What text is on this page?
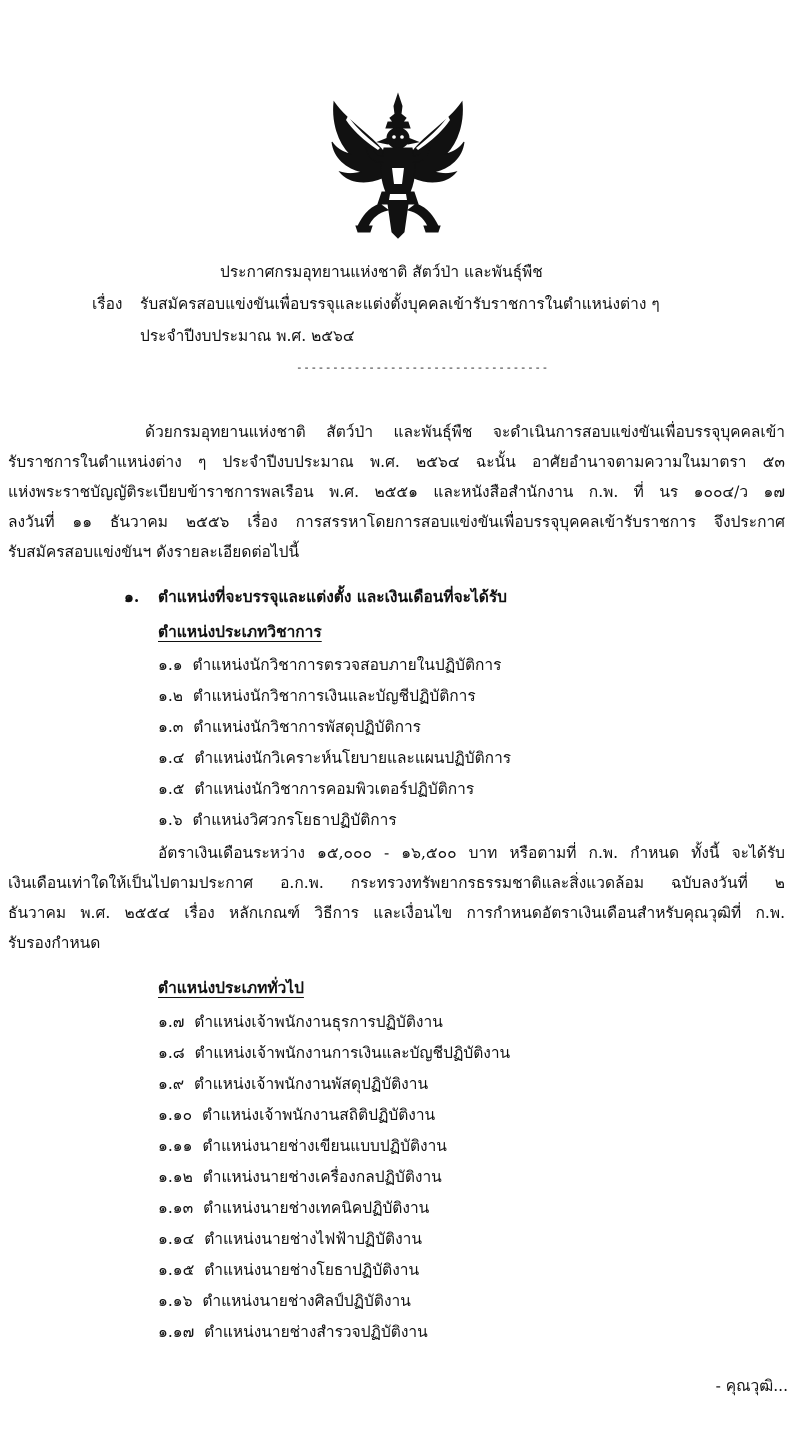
ประกาศกรมอุทยานแห่งชาติ สัตว์ป่า และพันธุ์พืช
เรื่อง รับสมัครสอบแข่งขันเพื่อบรรจุและแต่งตั้งบุคคลเข้ารับราชการในตำแหน่งต่าง ๆ
ประจำปีงบประมาณ พ.ศ. ๒๕๖๔
-----------------------------------
ด้วยกรมอุทยานแห่งชาติ สัตว์ป่า และพันธุ์พืช จะดำเนินการสอบแข่งขันเพื่อบรรจุบุคคลเข้า
รับราชการในตำแหน่งต่าง ๆ ประจำปีงบประมาณ พ.ศ. ๒๕๖๔ ฉะนั้น อาศัยอำนาจตามความในมาตรา ๕๓
แห่งพระราชบัญญัติระเบียบข้าราชการพลเรือน พ.ศ. ๒๕๕๑ และหนังสือสำนักงาน ก.พ. ที่ นร ๑๐๐๔/ว ๑๗
ลงวันที่ ๑๑ ธันวาคม ๒๕๕๖ เรื่อง การสรรหาโดยการสอบแข่งขันเพื่อบรรจุบุคคลเข้ารับราชการ จึงประกาศ
รับสมัครสอบแข่งขันฯ ดังรายละเอียดต่อไปนี้
๑. ตำแหน่งที่จะบรรจุและแต่งตั้ง และเงินเดือนที่จะได้รับ
ตำแหน่งประเภทวิชาการ
๑.๑ ตำแหน่งนักวิชาการตรวจสอบภายในปฏิบัติการ
๑.๒ ตำแหน่งนักวิชาการเงินและบัญชีปฏิบัติการ
๑.๓ ตำแหน่งนักวิชาการพัสดุปฏิบัติการ
๑.๔ ตำแหน่งนักวิเคราะห์นโยบายและแผนปฏิบัติการ
๑.๕ ตำแหน่งนักวิชาการคอมพิวเตอร์ปฏิบัติการ
๑.๖ ตำแหน่งวิศวกรโยธาปฏิบัติการ
อัตราเงินเดือนระหว่าง ๑๕,๐๐๐ - ๑๖,๕๐๐ บาท หรือตามที่ ก.พ. กำหนด ทั้งนี้ จะได้รับ
เงินเดือนเท่าใดให้เป็นไปตามประกาศ อ.ก.พ. กระทรวงทรัพยากรธรรมชาติและสิ่งแวดล้อม ฉบับลงวันที่ ๒
ธันวาคม พ.ศ. ๒๕๕๔ เรื่อง หลักเกณฑ์ วิธีการ และเงื่อนไข การกำหนดอัตราเงินเดือนสำหรับคุณวุฒิที่ ก.พ.
รับรองกำหนด
ตำแหน่งประเภททั่วไป
๑.๗ ตำแหน่งเจ้าพนักงานธุรการปฏิบัติงาน
๑.๘ ตำแหน่งเจ้าพนักงานการเงินและบัญชีปฏิบัติงาน
๑.๙ ตำแหน่งเจ้าพนักงานพัสดุปฏิบัติงาน
๑.๑๐ ตำแหน่งเจ้าพนักงานสถิติปฏิบัติงาน
๑.๑๑ ตำแหน่งนายช่างเขียนแบบปฏิบัติงาน
๑.๑๒ ตำแหน่งนายช่างเครื่องกลปฏิบัติงาน
๑.๑๓ ตำแหน่งนายช่างเทคนิคปฏิบัติงาน
๑.๑๔ ตำแหน่งนายช่างไฟฟ้าปฏิบัติงาน
๑.๑๕ ตำแหน่งนายช่างโยธาปฏิบัติงาน
๑.๑๖ ตำแหน่งนายช่างศิลป์ปฏิบัติงาน
๑.๑๗ ตำแหน่งนายช่างสำรวจปฏิบัติงาน
- คุณวุฒิ...
